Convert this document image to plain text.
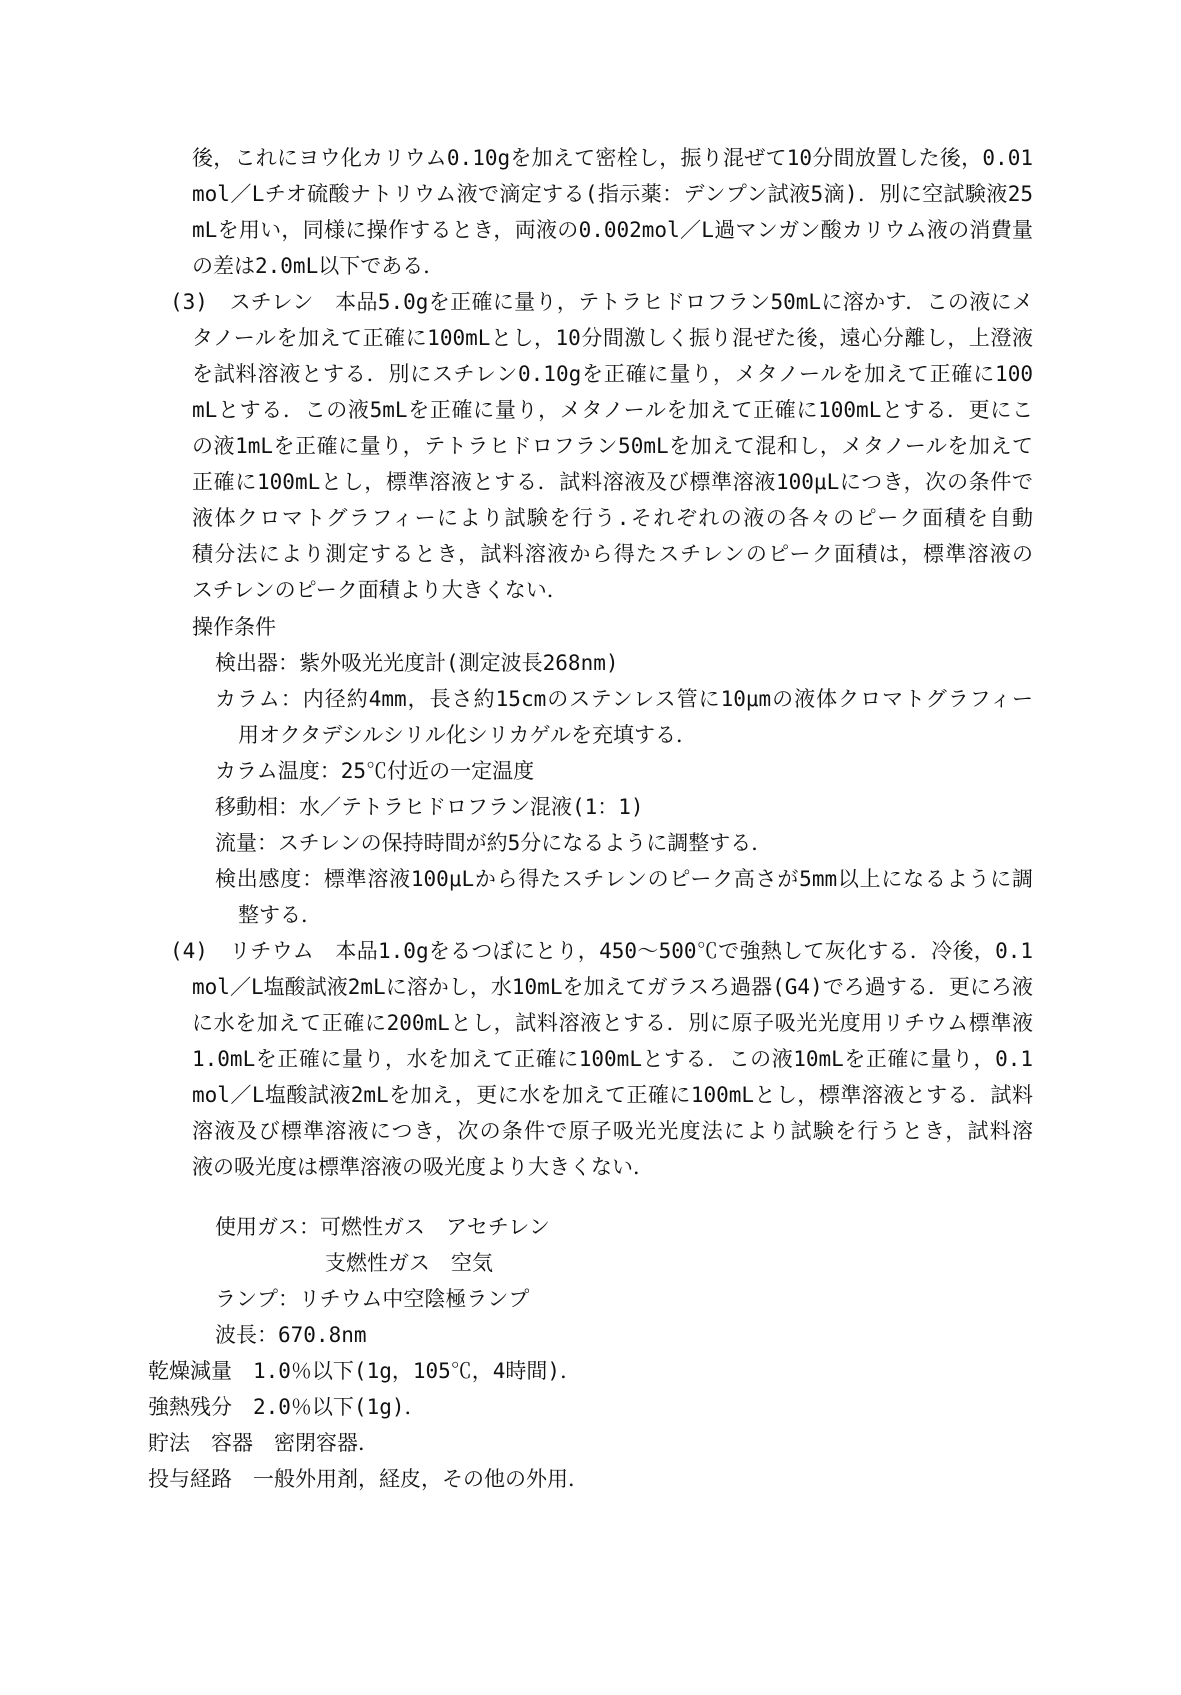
後，これにヨウ化カリウム0.10gを加えて密栓し，振り混ぜて10分間放置した後，0.01
mol／Lチオ硫酸ナトリウム液で滴定する(指示薬：デンプン試液5滴)．別に空試験液25
mLを用い，同様に操作するとき，両液の0.002mol／L過マンガン酸カリウム液の消費量
の差は2.0mL以下である．
(3)　スチレン　本品5.0gを正確に量り，テトラヒドロフラン50mLに溶かす．この液にメ
タノールを加えて正確に100mLとし，10分間激しく振り混ぜた後，遠心分離し，上澄液
を試料溶液とする．別にスチレン0.10gを正確に量り，メタノールを加えて正確に100
mLとする．この液5mLを正確に量り，メタノールを加えて正確に100mLとする．更にこ
の液1mLを正確に量り，テトラヒドロフラン50mLを加えて混和し，メタノールを加えて
正確に100mLとし，標準溶液とする．試料溶液及び標準溶液100μLにつき，次の条件で
液体クロマトグラフィーにより試験を行う.それぞれの液の各々のピーク面積を自動
積分法により測定するとき，試料溶液から得たスチレンのピーク面積は，標準溶液の
スチレンのピーク面積より大きくない．
操作条件
検出器：紫外吸光光度計(測定波長268nm)
カラム：内径約4mm，長さ約15cmのステンレス管に10μmの液体クロマトグラフィー
用オクタデシルシリル化シリカゲルを充填する．
カラム温度：25℃付近の一定温度
移動相：水／テトラヒドロフラン混液(1：1)
流量：スチレンの保持時間が約5分になるように調整する．
検出感度：標準溶液100μLから得たスチレンのピーク高さが5mm以上になるように調
整する．
(4)　リチウム　本品1.0gをるつぼにとり，450～500℃で強熱して灰化する．冷後，0.1
mol／L塩酸試液2mLに溶かし，水10mLを加えてガラスろ過器(G4)でろ過する．更にろ液
に水を加えて正確に200mLとし，試料溶液とする．別に原子吸光光度用リチウム標準液
1.0mLを正確に量り，水を加えて正確に100mLとする．この液10mLを正確に量り，0.1
mol／L塩酸試液2mLを加え，更に水を加えて正確に100mLとし，標準溶液とする．試料
溶液及び標準溶液につき，次の条件で原子吸光光度法により試験を行うとき，試料溶
液の吸光度は標準溶液の吸光度より大きくない．
使用ガス：可燃性ガス　アセチレン
支燃性ガス　空気
ランプ：リチウム中空陰極ランプ
波長：670.8nm
乾燥減量　1.0％以下(1g，105℃，4時間)．
強熱残分　2.0％以下(1g)．
貯法　容器　密閉容器．
投与経路　一般外用剤，経皮，その他の外用．
